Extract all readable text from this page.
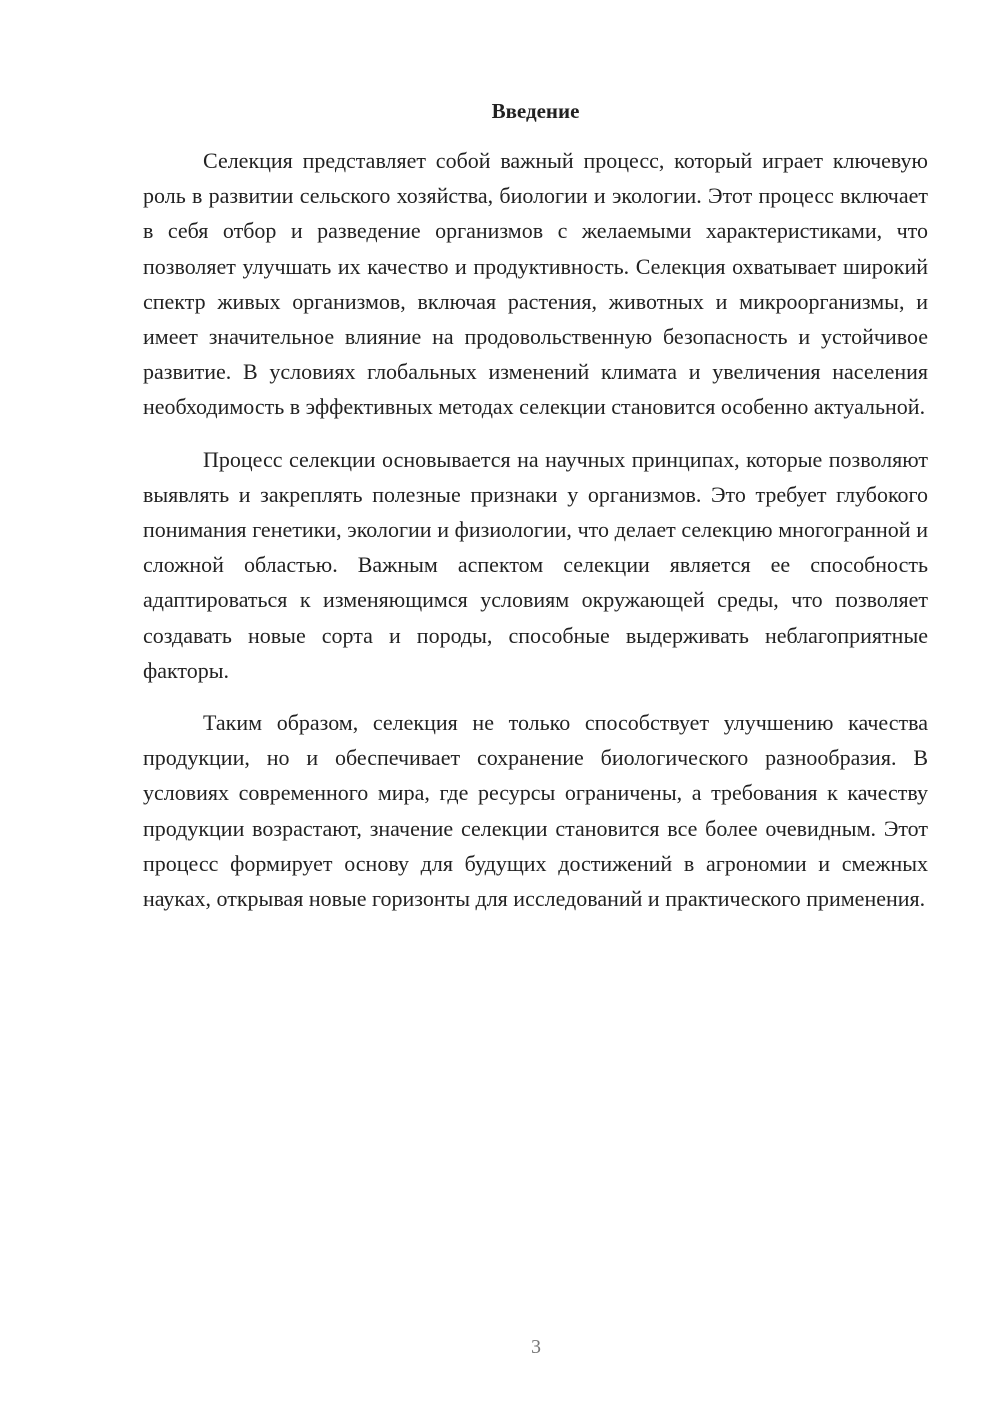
Введение

Селекция представляет собой важный процесс, который играет ключевую роль в развитии сельского хозяйства, биологии и экологии. Этот процесс включает в себя отбор и разведение организмов с желаемыми характеристиками, что позволяет улучшать их качество и продуктивность. Селекция охватывает широкий спектр живых организмов, включая растения, животных и микроорганизмы, и имеет значительное влияние на продовольственную безопасность и устойчивое развитие. В условиях глобальных изменений климата и увеличения населения необходимость в эффективных методах селекции становится особенно актуальной.

Процесс селекции основывается на научных принципах, которые позволяют выявлять и закреплять полезные признаки у организмов. Это требует глубокого понимания генетики, экологии и физиологии, что делает селекцию многогранной и сложной областью. Важным аспектом селекции является ее способность адаптироваться к изменяющимся условиям окружающей среды, что позволяет создавать новые сорта и породы, способные выдерживать неблагоприятные факторы.

Таким образом, селекция не только способствует улучшению качества продукции, но и обеспечивает сохранение биологического разнообразия. В условиях современного мира, где ресурсы ограничены, а требования к качеству продукции возрастают, значение селекции становится все более очевидным. Этот процесс формирует основу для будущих достижений в агрономии и смежных науках, открывая новые горизонты для исследований и практического применения.

3
